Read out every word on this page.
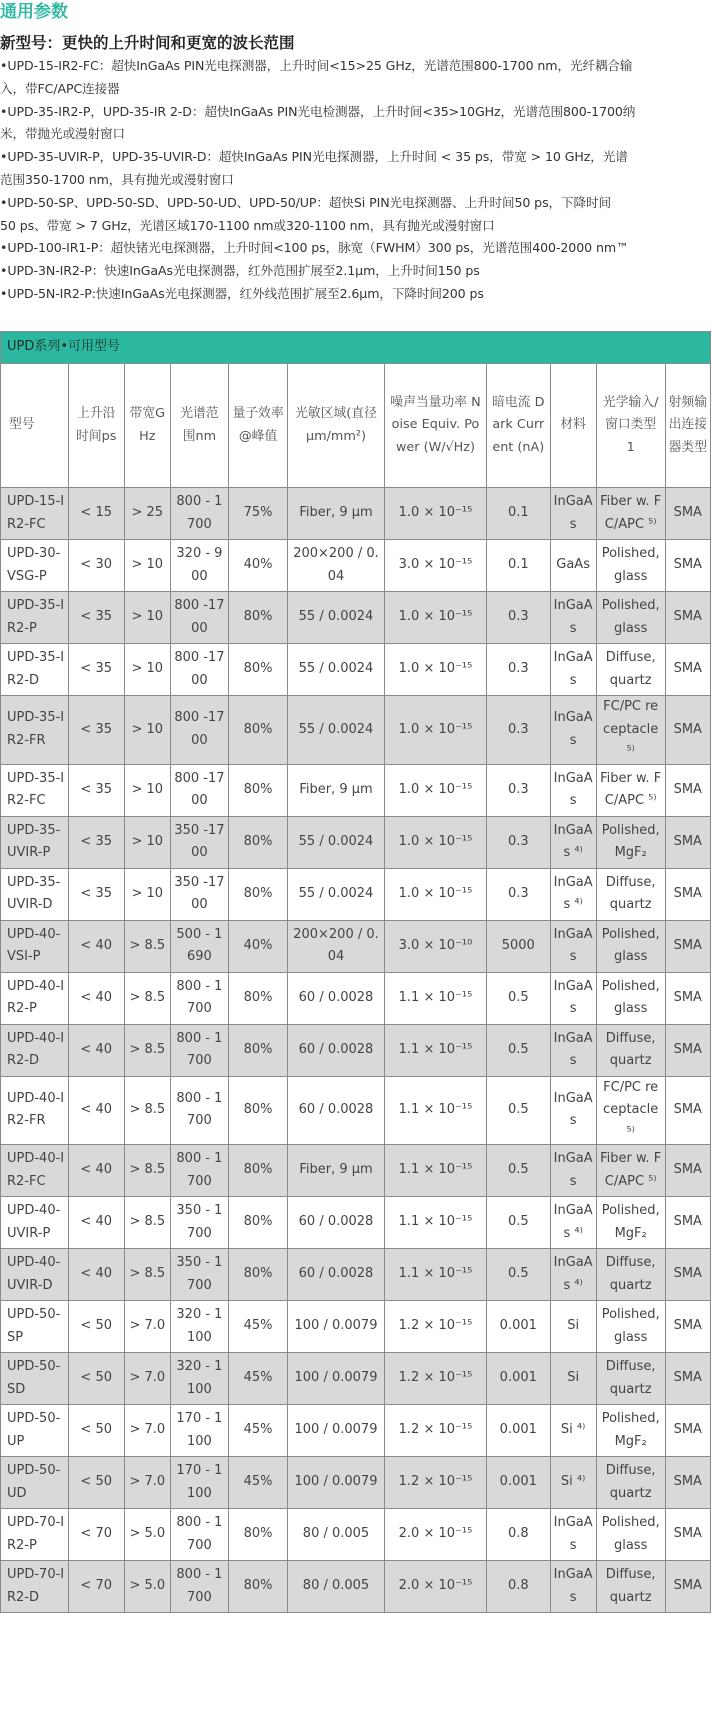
通用参数
新型号：更快的上升时间和更宽的波长范围
•UPD-15-IR2-FC：超快InGaAs PIN光电探测器，上升时间<15>25 GHz，光谱范围800-1700 nm，光纤耦合输
入，带FC/APC连接器
•UPD-35-IR2-P，UPD-35-IR 2-D：超快InGaAs PIN光电检测器，上升时间<35>10GHz，光谱范围800-1700纳
米，带抛光或漫射窗口
•UPD-35-UVIR-P，UPD-35-UVIR-D：超快InGaAs PIN光电探测器，上升时间 < 35 ps，带宽 > 10 GHz，光谱
范围350-1700 nm，具有抛光或漫射窗口
•UPD-50-SP、UPD-50-SD、UPD-50-UD、UPD-50/UP：超快Si PIN光电探测器、上升时间50 ps，下降时间
50 ps、带宽 > 7 GHz，光谱区域170-1100 nm或320-1100 nm，具有抛光或漫射窗口
•UPD-100-IR1-P：超快锗光电探测器，上升时间<100 ps，脉宽（FWHM）300 ps，光谱范围400-2000 nm™
•UPD-3N-IR2-P：快速InGaAs光电探测器，红外范围扩展至2.1µm，上升时间150 ps
•UPD-5N-IR2-P:快速InGaAs光电探测器，红外线范围扩展至2.6µm，下降时间200 ps
UPD系列•可用型号										
型号	上升沿时间ps	带宽GHz	光谱范围nm	量子效率@峰值	光敏区域(直径µm/mm²)	噪声当量功率 Noise Equiv. Power (W/√Hz)	暗电流 Dark Current (nA)	材料	光学输入/窗口类型 1	射频输出连接器类型
UPD-15-IR2-FC	< 15	> 25	800 - 1700	75%	Fiber, 9 µm	1.0 × 10⁻¹⁵	0.1	InGaAs	Fiber w. FC/APC ⁵⁾	SMA
UPD-30-VSG-P	< 30	> 10	320 - 900	40%	200×200 / 0.04	3.0 × 10⁻¹⁵	0.1	GaAs	Polished, glass	SMA
UPD-35-IR2-P	< 35	> 10	800 -1700	80%	55 / 0.0024	1.0 × 10⁻¹⁵	0.3	InGaAs	Polished, glass	SMA
UPD-35-IR2-D	< 35	> 10	800 -1700	80%	55 / 0.0024	1.0 × 10⁻¹⁵	0.3	InGaAs	Diffuse, quartz	SMA
UPD-35-IR2-FR	< 35	> 10	800 -1700	80%	55 / 0.0024	1.0 × 10⁻¹⁵	0.3	InGaAs	FC/PC receptacle ⁵⁾	SMA
UPD-35-IR2-FC	< 35	> 10	800 -1700	80%	Fiber, 9 µm	1.0 × 10⁻¹⁵	0.3	InGaAs	Fiber w. FC/APC ⁵⁾	SMA
UPD-35-UVIR-P	< 35	> 10	350 -1700	80%	55 / 0.0024	1.0 × 10⁻¹⁵	0.3	InGaAs ⁴⁾	Polished, MgF₂	SMA
UPD-35-UVIR-D	< 35	> 10	350 -1700	80%	55 / 0.0024	1.0 × 10⁻¹⁵	0.3	InGaAs ⁴⁾	Diffuse, quartz	SMA
UPD-40-VSI-P	< 40	> 8.5	500 - 1690	40%	200×200 / 0.04	3.0 × 10⁻¹⁰	5000	InGaAs	Polished, glass	SMA
UPD-40-IR2-P	< 40	> 8.5	800 - 1700	80%	60 / 0.0028	1.1 × 10⁻¹⁵	0.5	InGaAs	Polished, glass	SMA
UPD-40-IR2-D	< 40	> 8.5	800 - 1700	80%	60 / 0.0028	1.1 × 10⁻¹⁵	0.5	InGaAs	Diffuse, quartz	SMA
UPD-40-IR2-FR	< 40	> 8.5	800 - 1700	80%	60 / 0.0028	1.1 × 10⁻¹⁵	0.5	InGaAs	FC/PC receptacle ⁵⁾	SMA
UPD-40-IR2-FC	< 40	> 8.5	800 - 1700	80%	Fiber, 9 µm	1.1 × 10⁻¹⁵	0.5	InGaAs	Fiber w. FC/APC ⁵⁾	SMA
UPD-40-UVIR-P	< 40	> 8.5	350 - 1700	80%	60 / 0.0028	1.1 × 10⁻¹⁵	0.5	InGaAs ⁴⁾	Polished, MgF₂	SMA
UPD-40-UVIR-D	< 40	> 8.5	350 - 1700	80%	60 / 0.0028	1.1 × 10⁻¹⁵	0.5	InGaAs ⁴⁾	Diffuse, quartz	SMA
UPD-50-SP	< 50	> 7.0	320 - 1100	45%	100 / 0.0079	1.2 × 10⁻¹⁵	0.001	Si	Polished, glass	SMA
UPD-50-SD	< 50	> 7.0	320 - 1100	45%	100 / 0.0079	1.2 × 10⁻¹⁵	0.001	Si	Diffuse, quartz	SMA
UPD-50-UP	< 50	> 7.0	170 - 1100	45%	100 / 0.0079	1.2 × 10⁻¹⁵	0.001	Si ⁴⁾	Polished, MgF₂	SMA
UPD-50-UD	< 50	> 7.0	170 - 1100	45%	100 / 0.0079	1.2 × 10⁻¹⁵	0.001	Si ⁴⁾	Diffuse, quartz	SMA
UPD-70-IR2-P	< 70	> 5.0	800 - 1700	80%	80 / 0.005	2.0 × 10⁻¹⁵	0.8	InGaAs	Polished, glass	SMA
UPD-70-IR2-D	< 70	> 5.0	800 - 1700	80%	80 / 0.005	2.0 × 10⁻¹⁵	0.8	InGaAs	Diffuse, quartz	SMA
